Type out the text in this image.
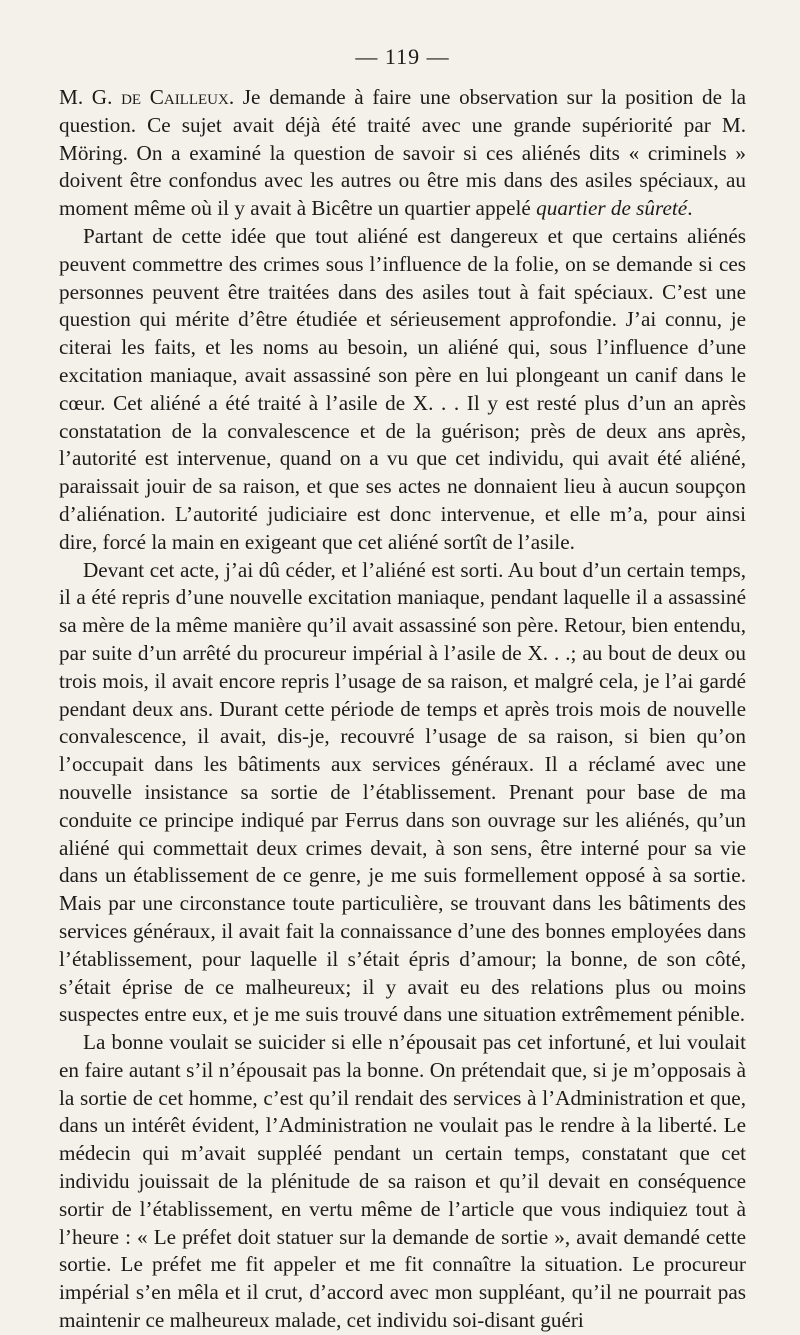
— 119 —

M. G. de Cailleux. Je demande à faire une observation sur la position de la question. Ce sujet avait déjà été traité avec une grande supériorité par M. Möring. On a examiné la question de savoir si ces aliénés dits « criminels » doivent être confondus avec les autres ou être mis dans des asiles spéciaux, au moment même où il y avait à Bicêtre un quartier appelé quartier de sûreté.

Partant de cette idée que tout aliéné est dangereux et que certains aliénés peuvent commettre des crimes sous l’influence de la folie, on se demande si ces personnes peuvent être traitées dans des asiles tout à fait spéciaux. C’est une question qui mérite d’être étudiée et sérieusement approfondie. J’ai connu, je citerai les faits, et les noms au besoin, un aliéné qui, sous l’influence d’une excitation maniaque, avait assassiné son père en lui plongeant un canif dans le cœur. Cet aliéné a été traité à l’asile de X. . . Il y est resté plus d’un an après constatation de la convalescence et de la guérison; près de deux ans après, l’autorité est intervenue, quand on a vu que cet individu, qui avait été aliéné, paraissait jouir de sa raison, et que ses actes ne donnaient lieu à aucun soupçon d’aliénation. L’autorité judiciaire est donc intervenue, et elle m’a, pour ainsi dire, forcé la main en exigeant que cet aliéné sortît de l’asile.

Devant cet acte, j’ai dû céder, et l’aliéné est sorti. Au bout d’un certain temps, il a été repris d’une nouvelle excitation maniaque, pendant laquelle il a assassiné sa mère de la même manière qu’il avait assassiné son père. Retour, bien entendu, par suite d’un arrêté du procureur impérial à l’asile de X. . .; au bout de deux ou trois mois, il avait encore repris l’usage de sa raison, et malgré cela, je l’ai gardé pendant deux ans. Durant cette période de temps et après trois mois de nouvelle convalescence, il avait, dis-je, recouvré l’usage de sa raison, si bien qu’on l’occupait dans les bâtiments aux services généraux. Il a réclamé avec une nouvelle insistance sa sortie de l’établissement. Prenant pour base de ma conduite ce principe indiqué par Ferrus dans son ouvrage sur les aliénés, qu’un aliéné qui commettait deux crimes devait, à son sens, être interné pour sa vie dans un établissement de ce genre, je me suis formellement opposé à sa sortie. Mais par une circonstance toute particulière, se trouvant dans les bâtiments des services généraux, il avait fait la connaissance d’une des bonnes employées dans l’établissement, pour laquelle il s’était épris d’amour; la bonne, de son côté, s’était éprise de ce malheureux; il y avait eu des relations plus ou moins suspectes entre eux, et je me suis trouvé dans une situation extrêmement pénible.

La bonne voulait se suicider si elle n’épousait pas cet infortuné, et lui voulait en faire autant s’il n’épousait pas la bonne. On prétendait que, si je m’opposais à la sortie de cet homme, c’est qu’il rendait des services à l’Administration et que, dans un intérêt évident, l’Administration ne voulait pas le rendre à la liberté. Le médecin qui m’avait suppléé pendant un certain temps, constatant que cet individu jouissait de la plénitude de sa raison et qu’il devait en conséquence sortir de l’établissement, en vertu même de l’article que vous indiquiez tout à l’heure : « Le préfet doit statuer sur la demande de sortie », avait demandé cette sortie. Le préfet me fit appeler et me fit connaître la situation. Le procureur impérial s’en mêla et il crut, d’accord avec mon suppléant, qu’il ne pourrait pas maintenir ce malheureux malade, cet individu soi-disant guéri
